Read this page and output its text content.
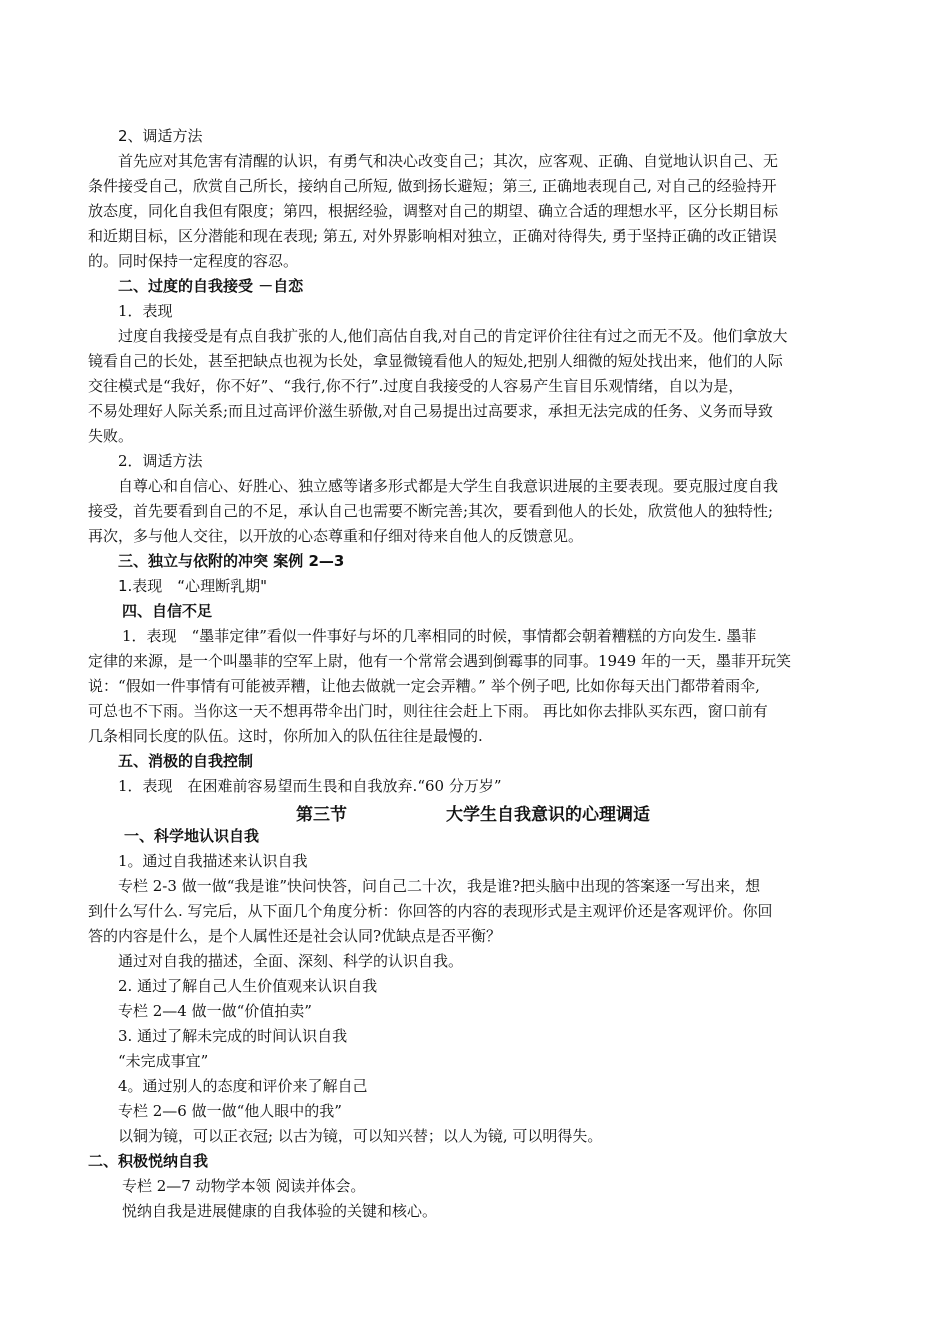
2、调适方法
首先应对其危害有清醒的认识，有勇气和决心改变自己；其次，应客观、正确、自觉地认识自己、无
条件接受自己，欣赏自己所长，接纳自己所短, 做到扬长避短；第三, 正确地表现自己, 对自己的经验持开
放态度，同化自我但有限度；第四，根据经验，调整对自己的期望、确立合适的理想水平，区分长期目标
和近期目标，区分潜能和现在表现; 第五, 对外界影响相对独立，正确对待得失, 勇于坚持正确的改正错误
的。同时保持一定程度的容忍。
二、过度的自我接受 －自恋
1．表现
过度自我接受是有点自我扩张的人,他们高估自我,对自己的肯定评价往往有过之而无不及。他们拿放大
镜看自己的长处，甚至把缺点也视为长处，拿显微镜看他人的短处,把别人细微的短处找出来，他们的人际
交往模式是“我好，你不好”、“我行,你不行”.过度自我接受的人容易产生盲目乐观情绪，自以为是，
不易处理好人际关系;而且过高评价滋生骄傲,对自己易提出过高要求，承担无法完成的任务、义务而导致
失败。
2．调适方法
自尊心和自信心、好胜心、独立感等诸多形式都是大学生自我意识进展的主要表现。要克服过度自我
接受，首先要看到自己的不足，承认自己也需要不断完善;其次，要看到他人的长处，欣赏他人的独特性;
再次，多与他人交往，以开放的心态尊重和仔细对待来自他人的反馈意见。
三、独立与依附的冲突 案例 2—3
1.表现　“心理断乳期"
四、自信不足
1．表现　“墨菲定律”看似一件事好与坏的几率相同的时候，事情都会朝着糟糕的方向发生. 墨菲
定律的来源，是一个叫墨菲的空军上尉，他有一个常常会遇到倒霉事的同事。1949 年的一天，墨菲开玩笑
说：“假如一件事情有可能被弄糟，让他去做就一定会弄糟。” 举个例子吧, 比如你每天出门都带着雨伞,
可总也不下雨。当你这一天不想再带伞出门时，则往往会赶上下雨。 再比如你去排队买东西，窗口前有
几条相同长度的队伍。这时，你所加入的队伍往往是最慢的.
五、消极的自我控制
1．表现　在困难前容易望而生畏和自我放弃.“60 分万岁”
第三节	大学生自我意识的心理调适
一、科学地认识自我
1。通过自我描述来认识自我
专栏 2-3 做一做“我是谁”快问快答，问自己二十次，我是谁?把头脑中出现的答案逐一写出来，想
到什么写什么. 写完后，从下面几个角度分析：你回答的内容的表现形式是主观评价还是客观评价。你回
答的内容是什么，是个人属性还是社会认同?优缺点是否平衡？
通过对自我的描述，全面、深刻、科学的认识自我。
2. 通过了解自己人生价值观来认识自我
专栏 2—4 做一做“价值拍卖”
3. 通过了解未完成的时间认识自我
“未完成事宜”
4。通过别人的态度和评价来了解自己
专栏 2—6 做一做“他人眼中的我”
以铜为镜，可以正衣冠; 以古为镜，可以知兴替；以人为镜, 可以明得失。
二、积极悦纳自我
专栏 2—7 动物学本领 阅读并体会。
悦纳自我是进展健康的自我体验的关键和核心。
